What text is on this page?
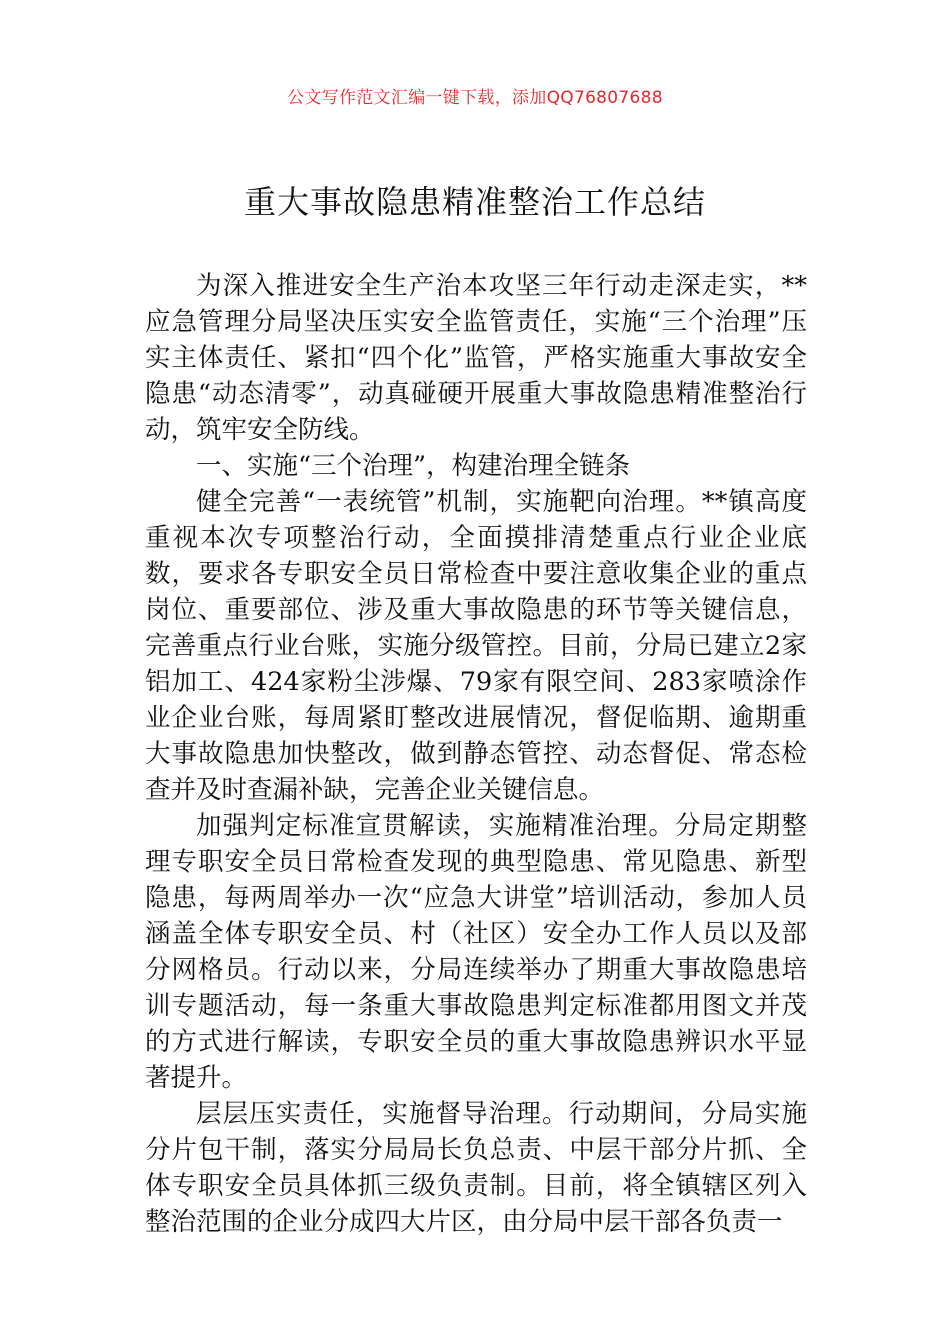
公文写作范文汇编一键下载，添加QQ76807688
重大事故隐患精准整治工作总结

为深入推进安全生产治本攻坚三年行动走深走实，**应急管理分局坚决压实安全监管责任，实施“三个治理”压实主体责任、紧扣“四个化”监管，严格实施重大事故安全隐患“动态清零”，动真碰硬开展重大事故隐患精准整治行动，筑牢安全防线。

一、实施“三个治理”，构建治理全链条

健全完善“一表统管”机制，实施靶向治理。**镇高度重视本次专项整治行动，全面摸排清楚重点行业企业底数，要求各专职安全员日常检查中要注意收集企业的重点岗位、重要部位、涉及重大事故隐患的环节等关键信息，完善重点行业台账，实施分级管控。目前，分局已建立2家铝加工、424家粉尘涉爆、79家有限空间、283家喷涂作业企业台账，每周紧盯整改进展情况，督促临期、逾期重大事故隐患加快整改，做到静态管控、动态督促、常态检查并及时查漏补缺，完善企业关键信息。

加强判定标准宣贯解读，实施精准治理。分局定期整理专职安全员日常检查发现的典型隐患、常见隐患、新型隐患，每两周举办一次“应急大讲堂”培训活动，参加人员涵盖全体专职安全员、村（社区）安全办工作人员以及部分网格员。行动以来，分局连续举办了期重大事故隐患培训专题活动，每一条重大事故隐患判定标准都用图文并茂的方式进行解读，专职安全员的重大事故隐患辨识水平显著提升。

层层压实责任，实施督导治理。行动期间，分局实施分片包干制，落实分局局长负总责、中层干部分片抓、全体专职安全员具体抓三级负责制。目前，将全镇辖区列入整治范围的企业分成四大片区，由分局中层干部各负责一
